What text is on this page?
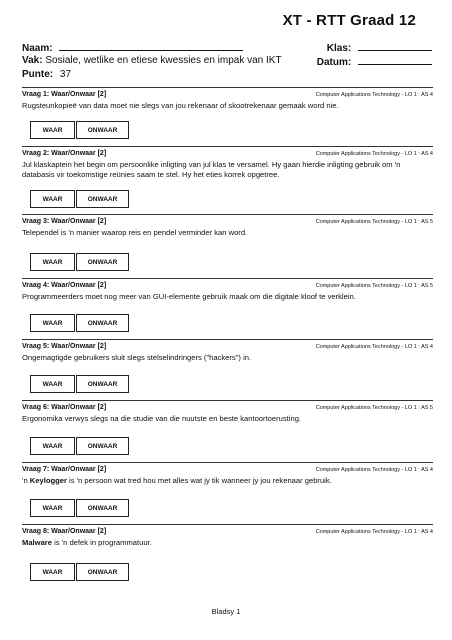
XT - RTT Graad 12
Naam:	Klas:
Vak: Sosiale, wetlike en etiese kwessies en impak van IKT	Datum:
Punte: 37
Vraag 1: Waar/Onwaar [2]	Computer Applications Technology - LO 1 : AS 4
Rugsteunkopieë van data moet nie slegs van jou rekenaar of skootrekenaar gemaak word nie.
WAAR	ONWAAR
Vraag 2: Waar/Onwaar [2]	Computer Applications Technology - LO 1 : AS 4
Jul klaskaptein het begin om persoonlike inligting van jul klas te versamel. Hy gaan hierdie inligting gebruik om 'n databasis vir toekomstige reünies saam te stel. Hy het eties korrek opgetree.
WAAR	ONWAAR
Vraag 3: Waar/Onwaar [2]	Computer Applications Technology - LO 1 : AS 5
Telependel is 'n manier waarop reis en pendel verminder kan word.
WAAR	ONWAAR
Vraag 4: Waar/Onwaar [2]	Computer Applications Technology - LO 1 : AS 5
Programmeerders moet nog meer van GUI-elemente gebruik maak om die digitale kloof te verklein.
WAAR	ONWAAR
Vraag 5: Waar/Onwaar [2]	Computer Applications Technology - LO 1 : AS 4
Ongemagtigde gebruikers sluit slegs stelselindringers ("hackers") in.
WAAR	ONWAAR
Vraag 6: Waar/Onwaar [2]	Computer Applications Technology - LO 1 : AS 5
Ergonomika verwys slegs na die studie van die nuutste en beste kantoortoerusting.
WAAR	ONWAAR
Vraag 7: Waar/Onwaar [2]	Computer Applications Technology - LO 1 : AS 4
'n Keylogger is 'n persoon wat tred hou met alles wat jy tik wanneer jy jou rekenaar gebruik.
WAAR	ONWAAR
Vraag 8: Waar/Onwaar [2]	Computer Applications Technology - LO 1 : AS 4
Malware is 'n defek in programmatuur.
WAAR	ONWAAR
Bladsy 1
